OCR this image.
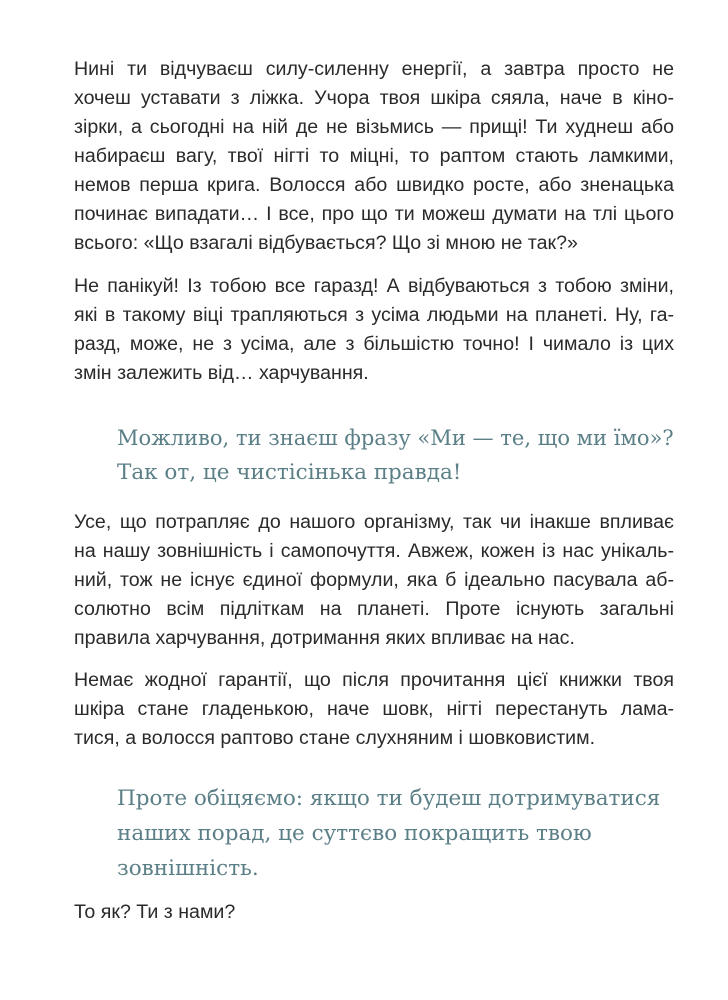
Нині ти відчуваєш силу-силенну енергії, а завтра просто не
хочеш уставати з ліжка. Учора твоя шкіра сяяла, наче в кіно-
зірки, а сьогодні на ній де не візьмись — прищі! Ти худнеш або
набираєш вагу, твої нігті то міцні, то раптом стають ламкими,
немов перша крига. Волосся або швидко росте, або зненацька
починає випадати… І все, про що ти можеш думати на тлі цього
всього: «Що взагалі відбувається? Що зі мною не так?»
Не панікуй! Із тобою все гаразд! А відбуваються з тобою зміни,
які в такому віці трапляються з усіма людьми на планеті. Ну, га-
разд, може, не з усіма, але з більшістю точно! І чимало із цих
змін залежить від… харчування.
Можливо, ти знаєш фразу «Ми — те, що ми їмо»?
Так от, це чистісінька правда!
Усе, що потрапляє до нашого організму, так чи інакше впливає
на нашу зовнішність і самопочуття. Авжеж, кожен із нас унікаль-
ний, тож не існує єдиної формули, яка б ідеально пасувала аб-
солютно всім підліткам на планеті. Проте існують загальні
правила харчування, дотримання яких впливає на нас.
Немає жодної гарантії, що після прочитання цієї книжки твоя
шкіра стане гладенькою, наче шовк, нігті перестануть лама-
тися, а волосся раптово стане слухняним і шовковистим.
Проте обіцяємо: якщо ти будеш дотримуватися
наших порад, це суттєво покращить твою
зовнішність.
То як? Ти з нами?
